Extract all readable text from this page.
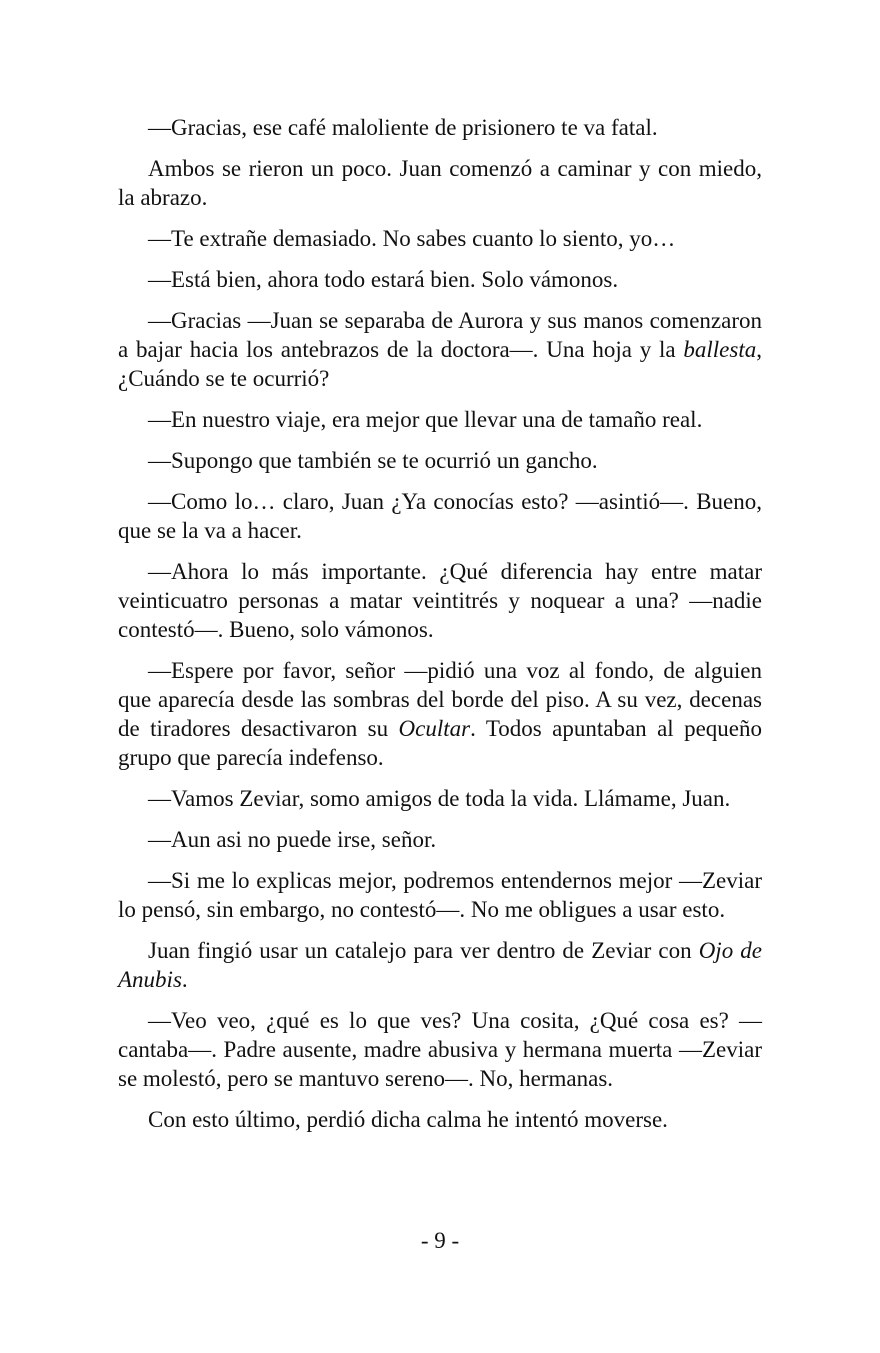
—Gracias, ese café maloliente de prisionero te va fatal.

Ambos se rieron un poco. Juan comenzó a caminar y con miedo, la abrazo.

—Te extrañe demasiado. No sabes cuanto lo siento, yo…

—Está bien, ahora todo estará bien. Solo vámonos.

—Gracias —Juan se separaba de Aurora y sus manos comenzaron a bajar hacia los antebrazos de la doctora—. Una hoja y la ballesta, ¿Cuándo se te ocurrió?

—En nuestro viaje, era mejor que llevar una de tamaño real.

—Supongo que también se te ocurrió un gancho.

—Como lo… claro, Juan ¿Ya conocías esto? —asintió—. Bueno, que se la va a hacer.

—Ahora lo más importante. ¿Qué diferencia hay entre matar veinticuatro personas a matar veintitrés y noquear a una? —nadie contestó—. Bueno, solo vámonos.

—Espere por favor, señor —pidió una voz al fondo, de alguien que aparecía desde las sombras del borde del piso. A su vez, decenas de tiradores desactivaron su Ocultar. Todos apuntaban al pequeño grupo que parecía indefenso.

—Vamos Zeviar, somo amigos de toda la vida. Llámame, Juan.

—Aun asi no puede irse, señor.

—Si me lo explicas mejor, podremos entendernos mejor —Zeviar lo pensó, sin embargo, no contestó—. No me obligues a usar esto.

Juan fingió usar un catalejo para ver dentro de Zeviar con Ojo de Anubis.

—Veo veo, ¿qué es lo que ves? Una cosita, ¿Qué cosa es? —cantaba—. Padre ausente, madre abusiva y hermana muerta —Zeviar se molestó, pero se mantuvo sereno—. No, hermanas.

Con esto último, perdió dicha calma he intentó moverse.

- 9 -
